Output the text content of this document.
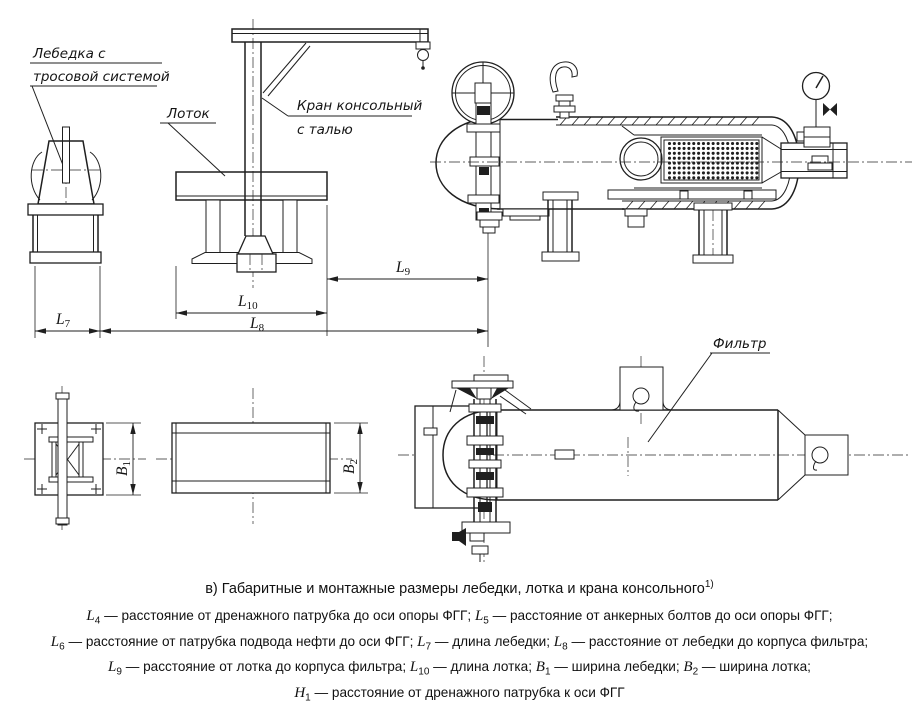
Лебедка с
тросовой системой
Кран консольный
с талью
Лоток
L7	L8
L10
L9
B1
B2
Фильтр
в) Габаритные и монтажные размеры лебедки, лотка и крана консольного$^{1)}$
$L_4$ — расстояние от дренажного патрубка до оси опоры ФГГ; $L_5$ — расстояние от анкерных болтов до оси опоры ФГГ;
$L_6$ — расстояние от патрубка подвода нефти до оси ФГГ; $L_7$ — длина лебедки; $L_8$ — расстояние от лебедки до корпуса фильтра;
$L_9$ — расстояние от лотка до корпуса фильтра; $L_{10}$ — длина лотка; $B_1$ — ширина лебедки; $B_2$ — ширина лотка;
$H_1$ — расстояние от дренажного патрубка к оси ФГГ
